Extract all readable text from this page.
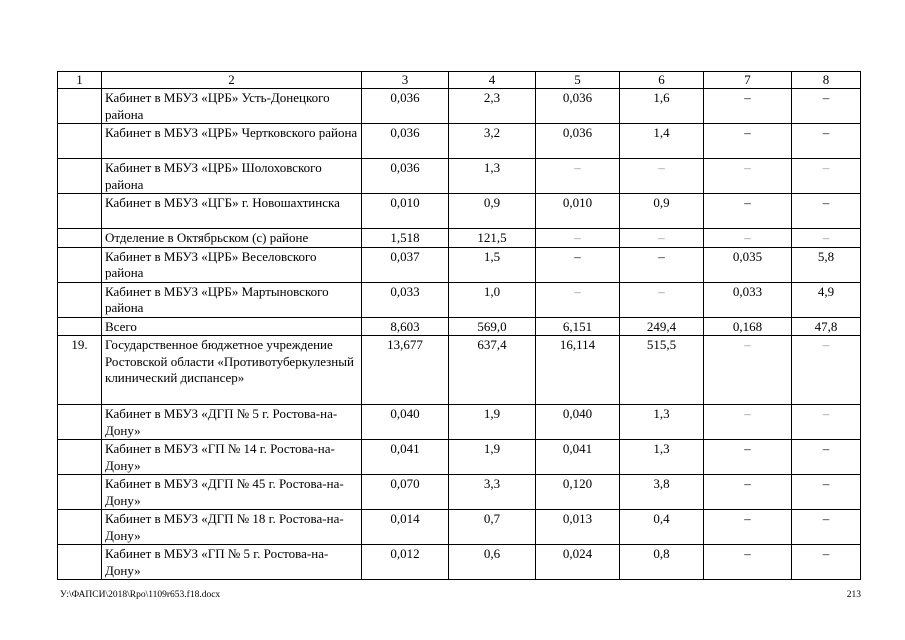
1	2	3	4	5	6	7	8
	Кабинет в МБУЗ «ЦРБ» Усть-Донецкого района	0,036	2,3	0,036	1,6	–	–
	Кабинет в МБУЗ «ЦРБ» Чертковского района	0,036	3,2	0,036	1,4	–	–
	Кабинет в МБУЗ «ЦРБ» Шолоховского района	0,036	1,3	–	–	–	–
	Кабинет в МБУЗ «ЦГБ» г. Новошахтинска	0,010	0,9	0,010	0,9	–	–
	Отделение в Октябрьском (с) районе	1,518	121,5	–	–	–	–
	Кабинет в МБУЗ «ЦРБ» Веселовского района	0,037	1,5	–	–	0,035	5,8
	Кабинет в МБУЗ «ЦРБ» Мартыновского района	0,033	1,0	–	–	0,033	4,9
	Всего	8,603	569,0	6,151	249,4	0,168	47,8
19.	Государственное бюджетное учреждение Ростовской области «Противотуберкулезный клинический диспансер»	13,677	637,4	16,114	515,5	–	–
	Кабинет в МБУЗ «ДГП № 5 г. Ростова-на-Дону»	0,040	1,9	0,040	1,3	–	–
	Кабинет в МБУЗ «ГП № 14 г. Ростова-на-Дону»	0,041	1,9	0,041	1,3	–	–
	Кабинет в МБУЗ «ДГП № 45 г. Ростова-на-Дону»	0,070	3,3	0,120	3,8	–	–
	Кабинет в МБУЗ «ДГП № 18 г. Ростова-на-Дону»	0,014	0,7	0,013	0,4	–	–
	Кабинет в МБУЗ «ГП № 5 г. Ростова-на-Дону»	0,012	0,6	0,024	0,8	–	–
У:\ФАПСИ\2018\Rpo\1109r653.f18.docx	213
